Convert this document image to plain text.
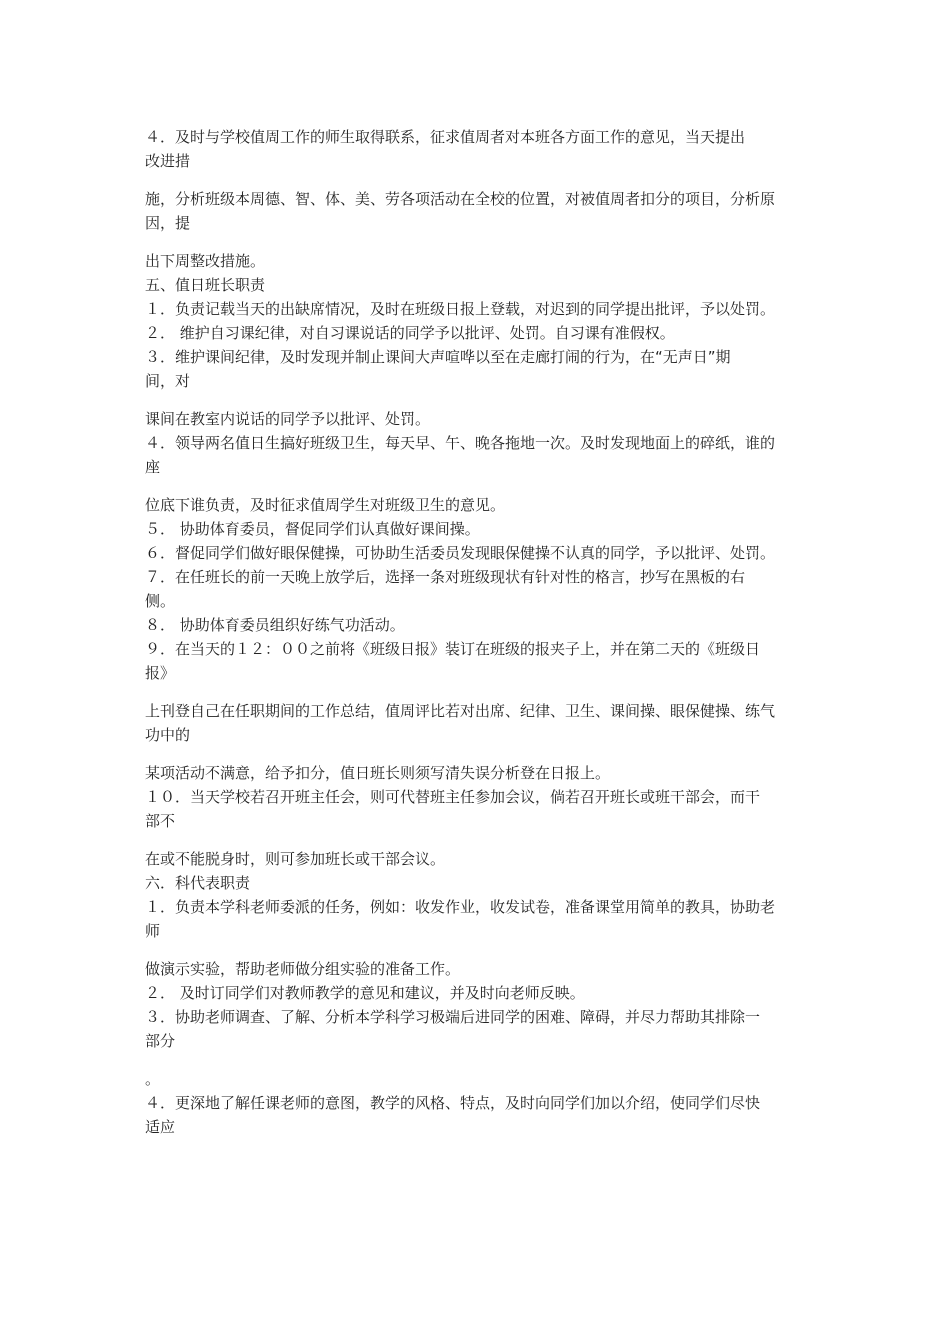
４．及时与学校值周工作的师生取得联系，征求值周者对本班各方面工作的意见，当天提出

改进措

施，分析班级本周德、智、体、美、劳各项活动在全校的位置，对被值周者扣分的项目，分析原

因，提

出下周整改措施。

五、值日班长职责

１．负责记载当天的出缺席情况，及时在班级日报上登载，对迟到的同学提出批评，予以处罚。

２． 维护自习课纪律，对自习课说话的同学予以批评、处罚。自习课有准假权。

３．维护课间纪律，及时发现并制止课间大声喧哗以至在走廊打闹的行为，在“无声日”期

间，对

课间在教室内说话的同学予以批评、处罚。

４．领导两名值日生搞好班级卫生，每天早、午、晚各拖地一次。及时发现地面上的碎纸，谁的

座

位底下谁负责，及时征求值周学生对班级卫生的意见。

５． 协助体育委员，督促同学们认真做好课间操。

６．督促同学们做好眼保健操，可协助生活委员发现眼保健操不认真的同学，予以批评、处罚。

７．在任班长的前一天晚上放学后，选择一条对班级现状有针对性的格言，抄写在黑板的右

侧。

８． 协助体育委员组织好练气功活动。

９．在当天的１２：００之前将《班级日报》装订在班级的报夹子上，并在第二天的《班级日

报》

上刊登自己在任职期间的工作总结，值周评比若对出席、纪律、卫生、课间操、眼保健操、练气

功中的

某项活动不满意，给予扣分，值日班长则须写清失误分析登在日报上。

１０．当天学校若召开班主任会，则可代替班主任参加会议，倘若召开班长或班干部会，而干

部不

在或不能脱身时，则可参加班长或干部会议。

六．科代表职责

１．负责本学科老师委派的任务，例如：收发作业，收发试卷，准备课堂用简单的教具，协助老

师

做演示实验，帮助老师做分组实验的准备工作。

２． 及时订同学们对教师教学的意见和建议，并及时向老师反映。

３．协助老师调查、了解、分析本学科学习极端后进同学的困难、障碍，并尽力帮助其排除一

部分

。

４．更深地了解任课老师的意图，教学的风格、特点，及时向同学们加以介绍，使同学们尽快

适应
